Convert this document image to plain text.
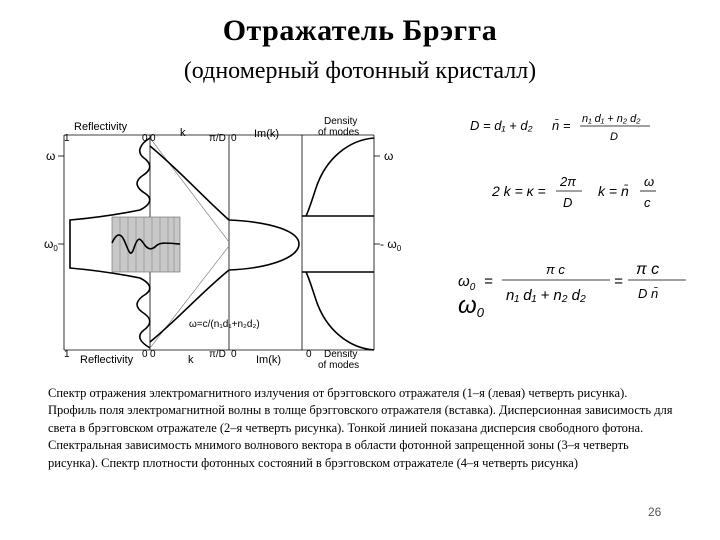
Отражатель Брэгга
(одномерный фотонный кристалл)
Reflectivity
1	0 0 k π/D 0 Im(k)
Density
of modes
1 Reflectivity 0 0	k π/D 0 Im(k) 0 Density
of modes
ω
$\omega_0$
ω
- $\omega_0$
ω=c/(n₁d₁+n₂d₂)
D = d₁ + d₂ n̄ = n₁ d₁ + n₂ d₂
D
2 k = κ =
2π
D
k = n̄
ω
c
$\omega_0$ =
π c
n₁ d₁ + n₂ d₂
=
π c
D n̄
ω0
Спектр отражения электромагнитного излучения от брэгговского отражателя (1–я (левая) четверть рисунка). Профиль поля электромагнитной волны в толще брэгговского отражателя (вставка). Дисперсионная зависимость для света в брэгговском отражателе (2–я четверть рисунка). Тонкой линией показана дисперсия свободного фотона. Спектральная зависимость мнимого волнового вектора в области фотонной запрещенной зоны (3–я четверть рисунка). Спектр плотности фотонных состояний в брэгговском отражателе (4–я четверть рисунка)
26
